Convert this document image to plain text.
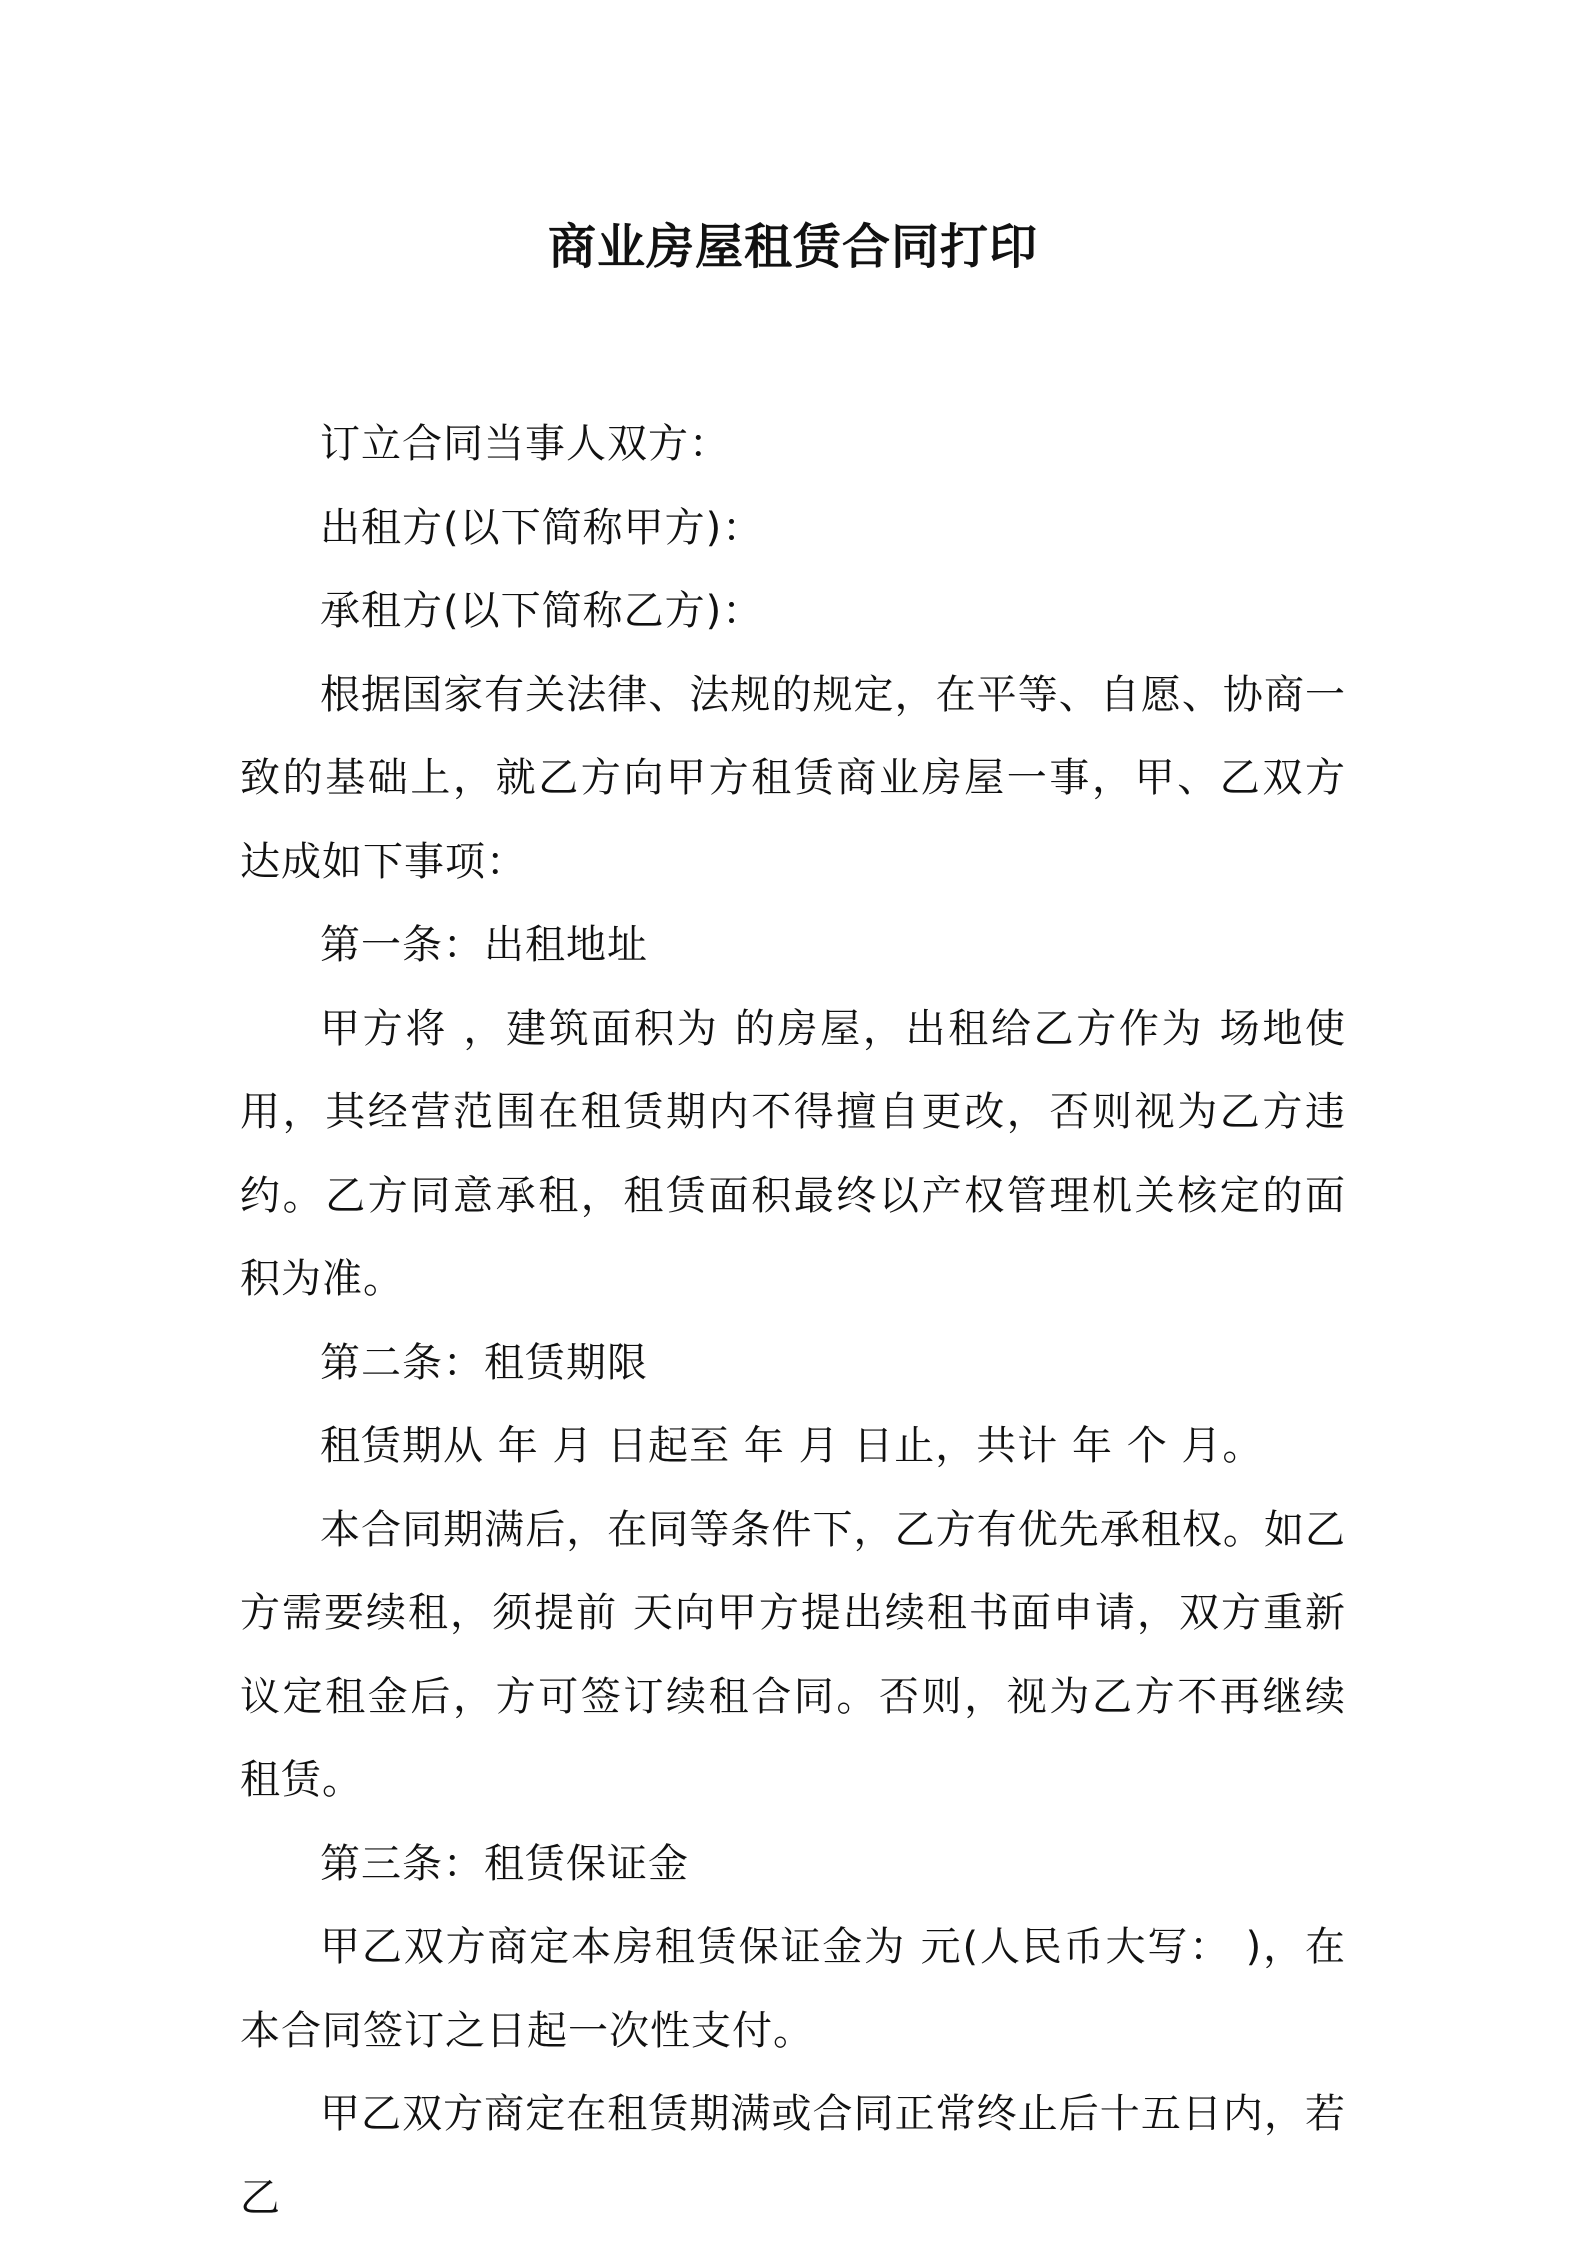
商业房屋租赁合同打印

订立合同当事人双方：

出租方(以下简称甲方)：

承租方(以下简称乙方)：

根据国家有关法律、法规的规定，在平等、自愿、协商一致的基础上，就乙方向甲方租赁商业房屋一事，甲、乙双方达成如下事项：

第一条：出租地址

甲方将 ，建筑面积为 的房屋，出租给乙方作为 场地使用，其经营范围在租赁期内不得擅自更改，否则视为乙方违约。乙方同意承租，租赁面积最终以产权管理机关核定的面积为准。

第二条：租赁期限

租赁期从 年 月 日起至 年 月 日止，共计 年 个 月。

本合同期满后，在同等条件下，乙方有优先承租权。如乙方需要续租，须提前 天向甲方提出续租书面申请，双方重新议定租金后，方可签订续租合同。否则，视为乙方不再继续租赁。

第三条：租赁保证金

甲乙双方商定本房租赁保证金为 元(人民币大写： )，在本合同签订之日起一次性支付。

甲乙双方商定在租赁期满或合同正常终止后十五日内，若乙
